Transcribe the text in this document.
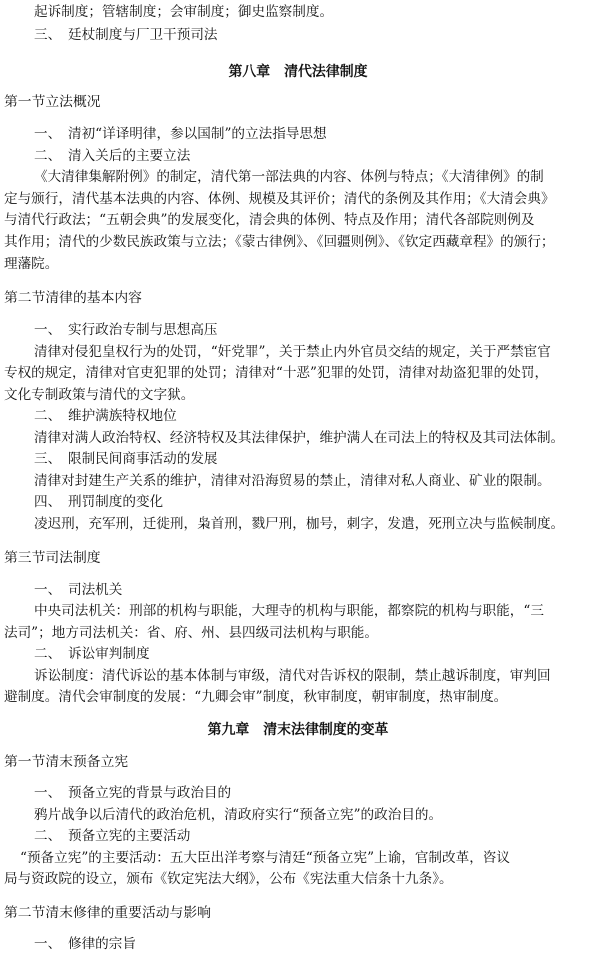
起诉制度；管辖制度；会审制度；御史监察制度。
三、　廷杖制度与厂卫干预司法
第八章　清代法律制度
第一节立法概况
一、　清初“详译明律，参以国制”的立法指导思想
二、　清入关后的主要立法
《大清律集解附例》的制定，清代第一部法典的内容、体例与特点；《大清律例》的制
定与颁行，清代基本法典的内容、体例、规模及其评价；清代的条例及其作用；《大清会典》
与清代行政法；“五朝会典”的发展变化，清会典的体例、特点及作用；清代各部院则例及
其作用；清代的少数民族政策与立法；《蒙古律例》、《回疆则例》、《钦定西藏章程》的颁行；
理藩院。
第二节清律的基本内容
一、　实行政治专制与思想高压
清律对侵犯皇权行为的处罚，“奸党罪”，关于禁止内外官员交结的规定，关于严禁宦官
专权的规定，清律对官吏犯罪的处罚；清律对“十恶”犯罪的处罚，清律对劫盗犯罪的处罚，
文化专制政策与清代的文字狱。
二、　维护满族特权地位
清律对满人政治特权、经济特权及其法律保护，维护满人在司法上的特权及其司法体制。
三、　限制民间商事活动的发展
清律对封建生产关系的维护，清律对沿海贸易的禁止，清律对私人商业、矿业的限制。
四、　刑罚制度的变化
凌迟刑，充军刑，迁徙刑，枭首刑，戮尸刑，枷号，刺字，发遣，死刑立决与监候制度。
第三节司法制度
一、　司法机关
中央司法机关：刑部的机构与职能，大理寺的机构与职能，都察院的机构与职能，“三
法司”；地方司法机关：省、府、州、县四级司法机构与职能。
二、　诉讼审判制度
诉讼制度：清代诉讼的基本体制与审级，清代对告诉权的限制，禁止越诉制度，审判回
避制度。清代会审制度的发展：“九卿会审”制度，秋审制度，朝审制度，热审制度。
第九章　清末法律制度的变革
第一节清末预备立宪
一、　预备立宪的背景与政治目的
鸦片战争以后清代的政治危机，清政府实行“预备立宪”的政治目的。
二、　预备立宪的主要活动
“预备立宪”的主要活动：五大臣出洋考察与清廷“预备立宪”上谕，官制改革，咨议
局与资政院的设立，颁布《钦定宪法大纲》，公布《宪法重大信条十九条》。
第二节清末修律的重要活动与影响
一、　修律的宗旨
